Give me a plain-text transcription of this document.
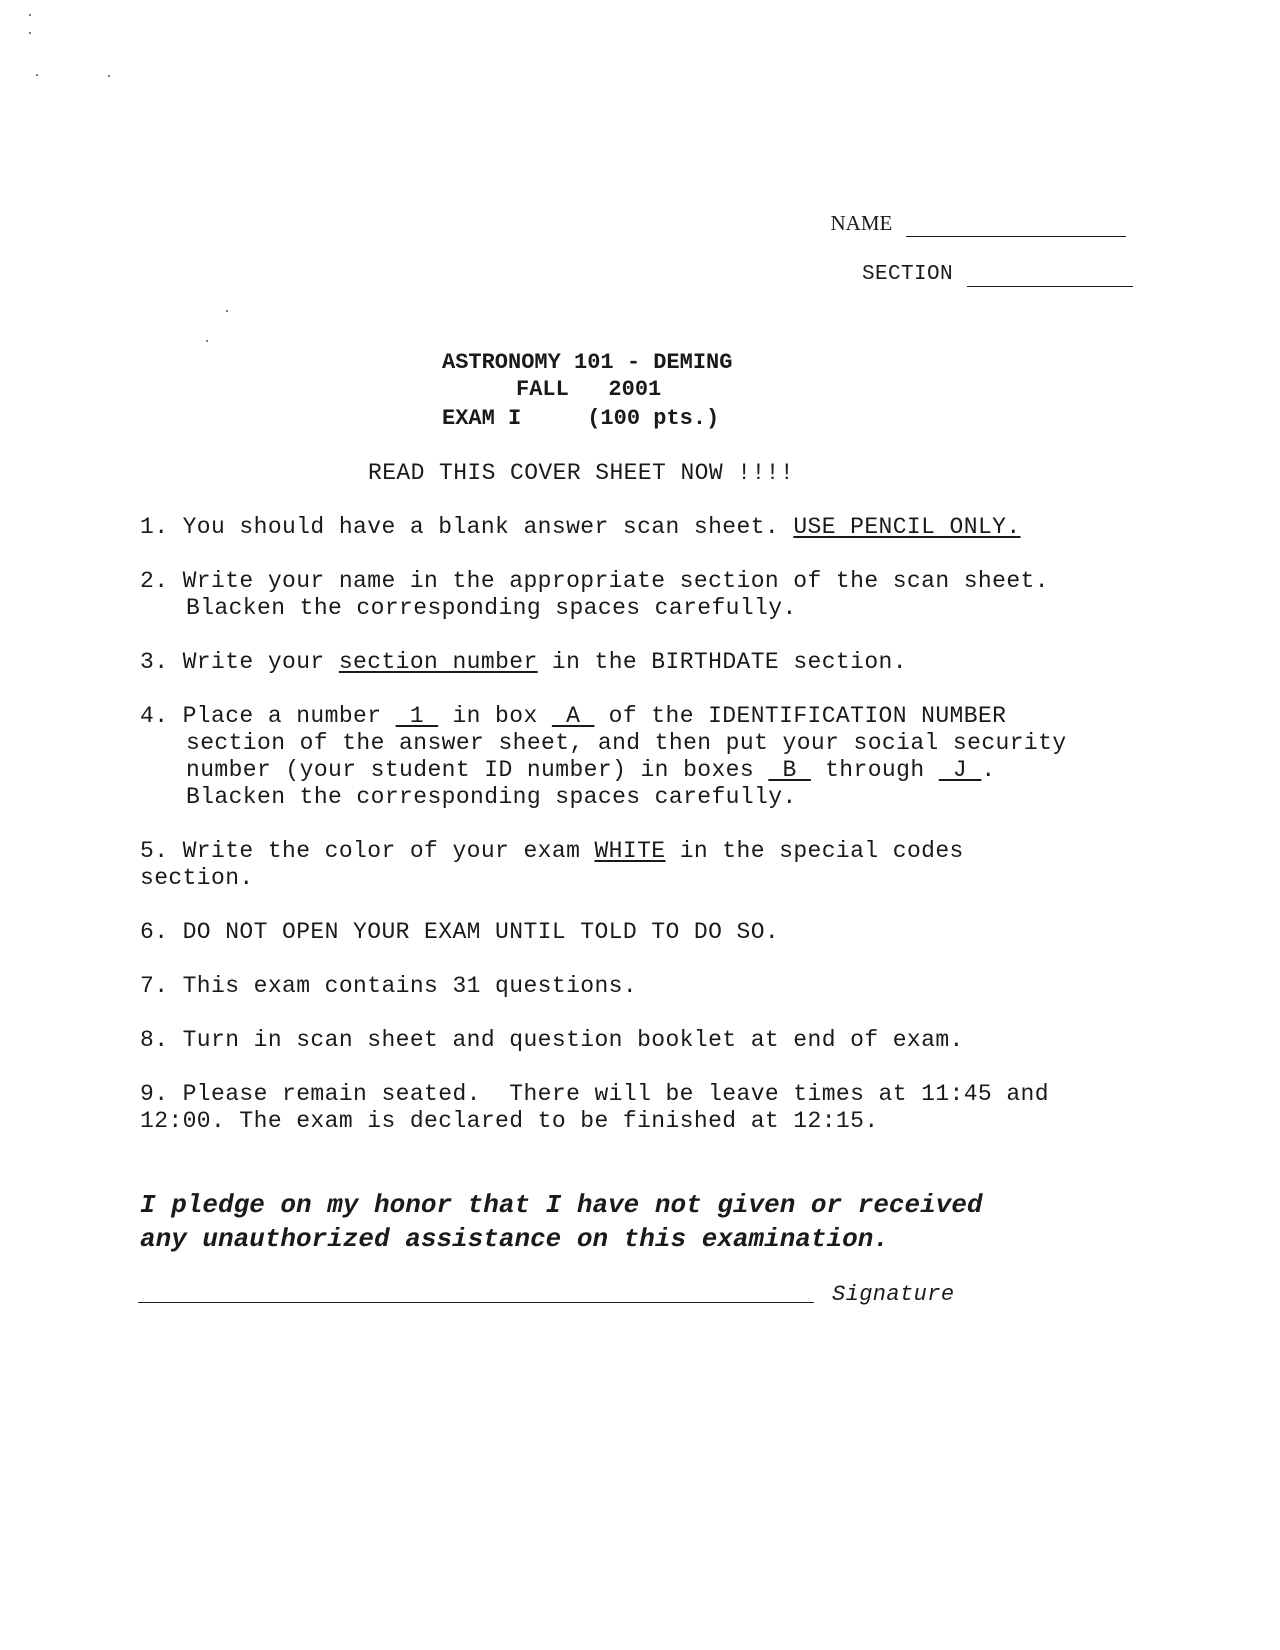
NAME

SECTION

ASTRONOMY 101 - DEMING
FALL   2001
EXAM I	(100 pts.)
READ THIS COVER SHEET NOW !!!!
1. You should have a blank answer scan sheet. USE PENCIL ONLY.
2. Write your name in the appropriate section of the scan sheet.
Blacken the corresponding spaces carefully.
3. Write your section number in the BIRTHDATE section.
4. Place a number  1  in box  A  of the IDENTIFICATION NUMBER
section of the answer sheet, and then put your social security
number (your student ID number) in boxes  B  through  J .
Blacken the corresponding spaces carefully.
5. Write the color of your exam WHITE in the special codes
section.
6. DO NOT OPEN YOUR EXAM UNTIL TOLD TO DO SO.
7. This exam contains 31 questions.
8. Turn in scan sheet and question booklet at end of exam.
9. Please remain seated.  There will be leave times at 11:45 and
12:00. The exam is declared to be finished at 12:15.
I pledge on my honor that I have not given or received
any unauthorized assistance on this examination.
Signature
